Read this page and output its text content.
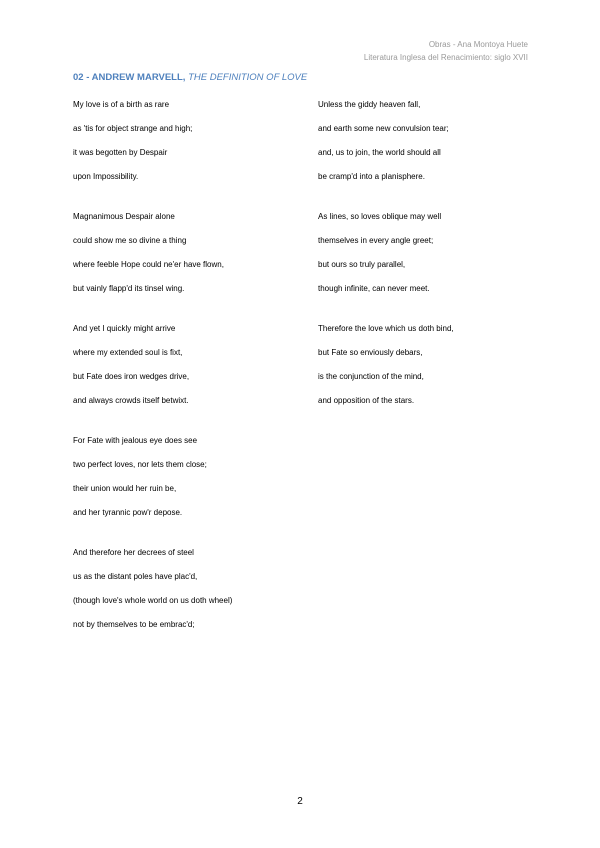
Obras - Ana Montoya Huete
Literatura Inglesa del Renacimiento: siglo XVII
02 - ANDREW MARVELL, THE DEFINITION OF LOVE
My love is of a birth as rare
as 'tis for object strange and high;
it was begotten by Despair
upon Impossibility.
Magnanimous Despair alone
could show me so divine a thing
where feeble Hope could ne'er have flown,
but vainly flapp'd its tinsel wing.
And yet I quickly might arrive
where my extended soul is fixt,
but Fate does iron wedges drive,
and always crowds itself betwixt.
For Fate with jealous eye does see
two perfect loves, nor lets them close;
their union would her ruin be,
and her tyrannic pow'r depose.
And therefore her decrees of steel
us as the distant poles have plac'd,
(though love's whole world on us doth wheel)
not by themselves to be embrac'd;
Unless the giddy heaven fall,
and earth some new convulsion tear;
and, us to join, the world should all
be cramp'd into a planisphere.
As lines, so loves oblique may well
themselves in every angle greet;
but ours so truly parallel,
though infinite, can never meet.
Therefore the love which us doth bind,
but Fate so enviously debars,
is the conjunction of the mind,
and opposition of the stars.
2
